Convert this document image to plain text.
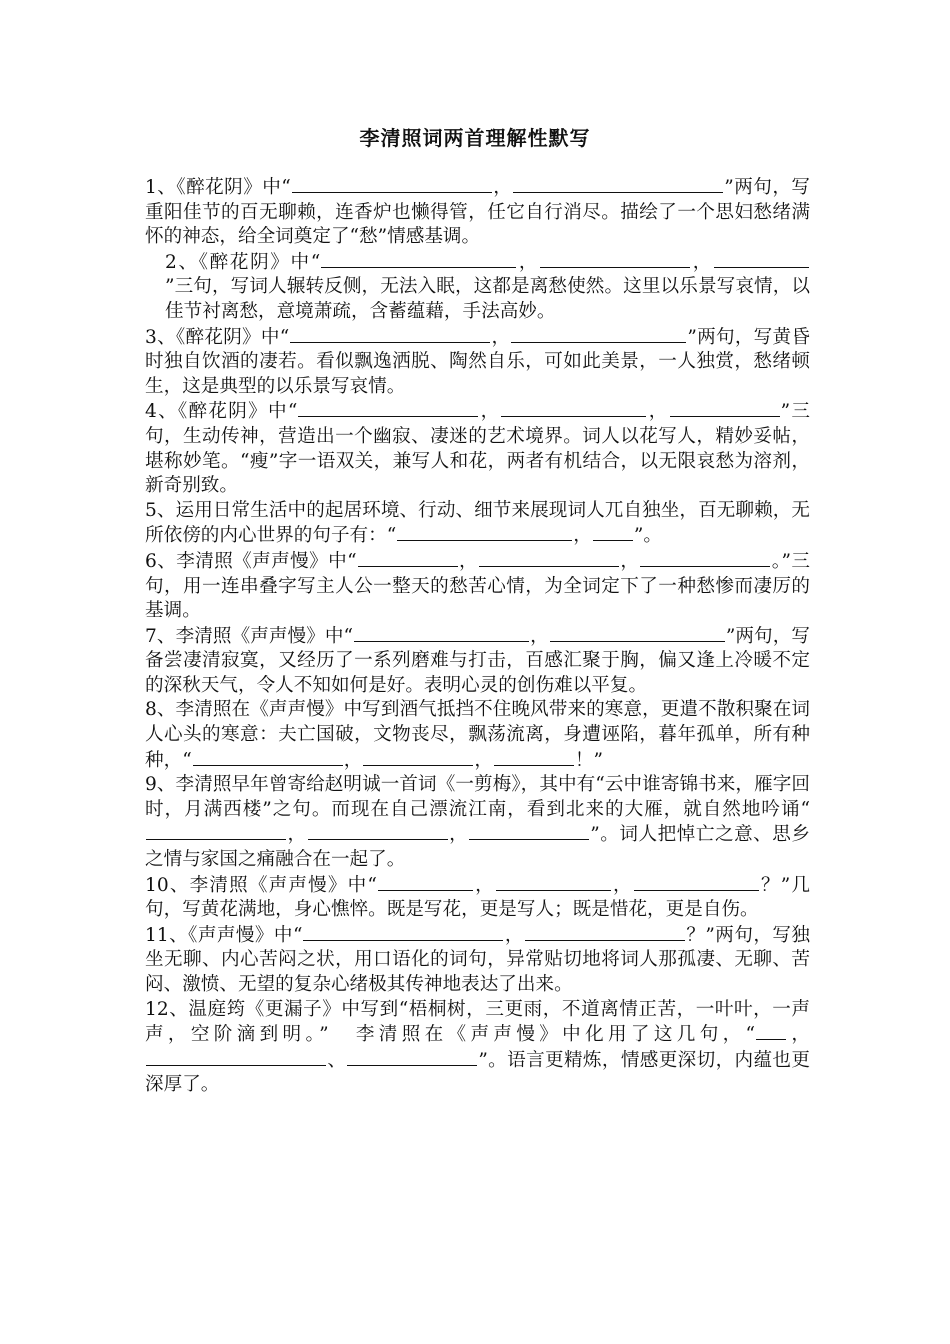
李清照词两首理解性默写

1、《醉花阴》中“	，	”两句，写重阳佳节的百无聊赖，连香炉也懒得管，任它自行消尽。描绘了一个思妇愁绪满怀的神态，给全词奠定了“愁”情感基调。

2、《醉花阴》中“	，	，”三句，写词人辗转反侧，无法入眠，这都是离愁使然。这里以乐景写哀情，以佳节衬离愁，意境萧疏，含蓄蕴藉，手法高妙。

3、《醉花阴》中“	，	”两句，写黄昏时独自饮酒的凄若。看似飘逸洒脱、陶然自乐，可如此美景，一人独赏，愁绪顿生，这是典型的以乐景写哀情。

4、《醉花阴》中“	，	，	”三句，生动传神，营造出一个幽寂、凄迷的艺术境界。词人以花写人，精妙妥帖，堪称妙笔。“瘦”字一语双关，兼写人和花，两者有机结合，以无限哀愁为溶剂，新奇别致。

5、运用日常生活中的起居环境、行动、细节来展现词人兀自独坐，百无聊赖，无所依傍的内心世界的句子有：“	， ”。

6、李清照《声声慢》中“	，	，	。”三句，用一连串叠字写主人公一整天的愁苦心情，为全词定下了一种愁惨而凄厉的基调。

7、李清照《声声慢》中“	，	”两句，写备尝凄清寂寞，又经历了一系列磨难与打击，百感汇聚于胸，偏又逢上冷暖不定的深秋天气，令人不知如何是好。表明心灵的创伤难以平复。

8、李清照在《声声慢》中写到酒气抵挡不住晚风带来的寒意，更遣不散积聚在词人心头的寒意：夫亡国破，文物丧尽，飘荡流离，身遭诬陷，暮年孤单，所有种种，“	，	，	！”

9、李清照早年曾寄给赵明诚一首词《一剪梅》，其中有“云中谁寄锦书来，雁字回时，月满西楼”之句。而现在自己漂流江南，看到北来的大雁，就自然地吟诵“，	，	”。词人把悼亡之意、思乡之情与家国之痛融合在一起了。

10、李清照《声声慢》中“	，	，	？”几句，写黄花满地，身心憔悴。既是写花，更是写人；既是惜花，更是自伤。

11、《声声慢》中“	，	？”两句，写独坐无聊、内心苦闷之状，用口语化的词句，异常贴切地将词人那孤凄、无聊、苦闷、激愤、无望的复杂心绪极其传神地表达了出来。

12、温庭筠《更漏子》中写到“梧桐树，三更雨，不道离情正苦，一叶叶，一声声，空阶滴到明。”　李清照在《声声慢》中化用了这几句，“ ，、	”。语言更精炼，情感更深切，内蕴也更深厚了。
